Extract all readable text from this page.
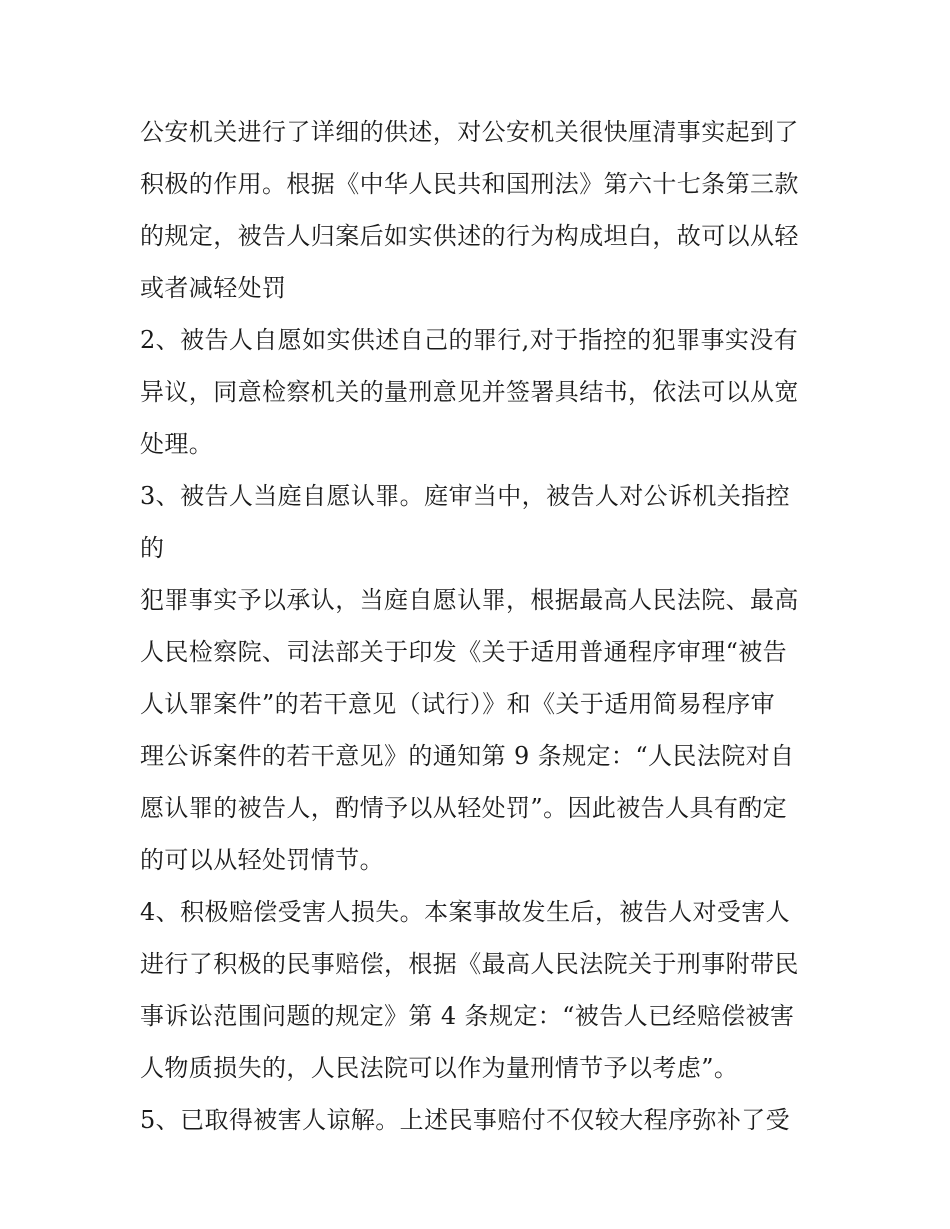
公安机关进行了详细的供述，对公安机关很快厘清事实起到了
积极的作用。根据《中华人民共和国刑法》第六十七条第三款
的规定，被告人归案后如实供述的行为构成坦白，故可以从轻
或者减轻处罚
2、被告人自愿如实供述自己的罪行,对于指控的犯罪事实没有
异议，同意检察机关的量刑意见并签署具结书，依法可以从宽
处理。
3、被告人当庭自愿认罪。庭审当中，被告人对公诉机关指控
的
犯罪事实予以承认，当庭自愿认罪，根据最高人民法院、最高
人民检察院、司法部关于印发《关于适用普通程序审理“被告
人认罪案件”的若干意见（试行）》和《关于适用简易程序审
理公诉案件的若干意见》的通知第 9 条规定：“人民法院对自
愿认罪的被告人，酌情予以从轻处罚”。因此被告人具有酌定
的可以从轻处罚情节。
4、积极赔偿受害人损失。本案事故发生后，被告人对受害人
进行了积极的民事赔偿，根据《最高人民法院关于刑事附带民
事诉讼范围问题的规定》第 4 条规定：“被告人已经赔偿被害
人物质损失的，人民法院可以作为量刑情节予以考虑”。
5、已取得被害人谅解。上述民事赔付不仅较大程序弥补了受
